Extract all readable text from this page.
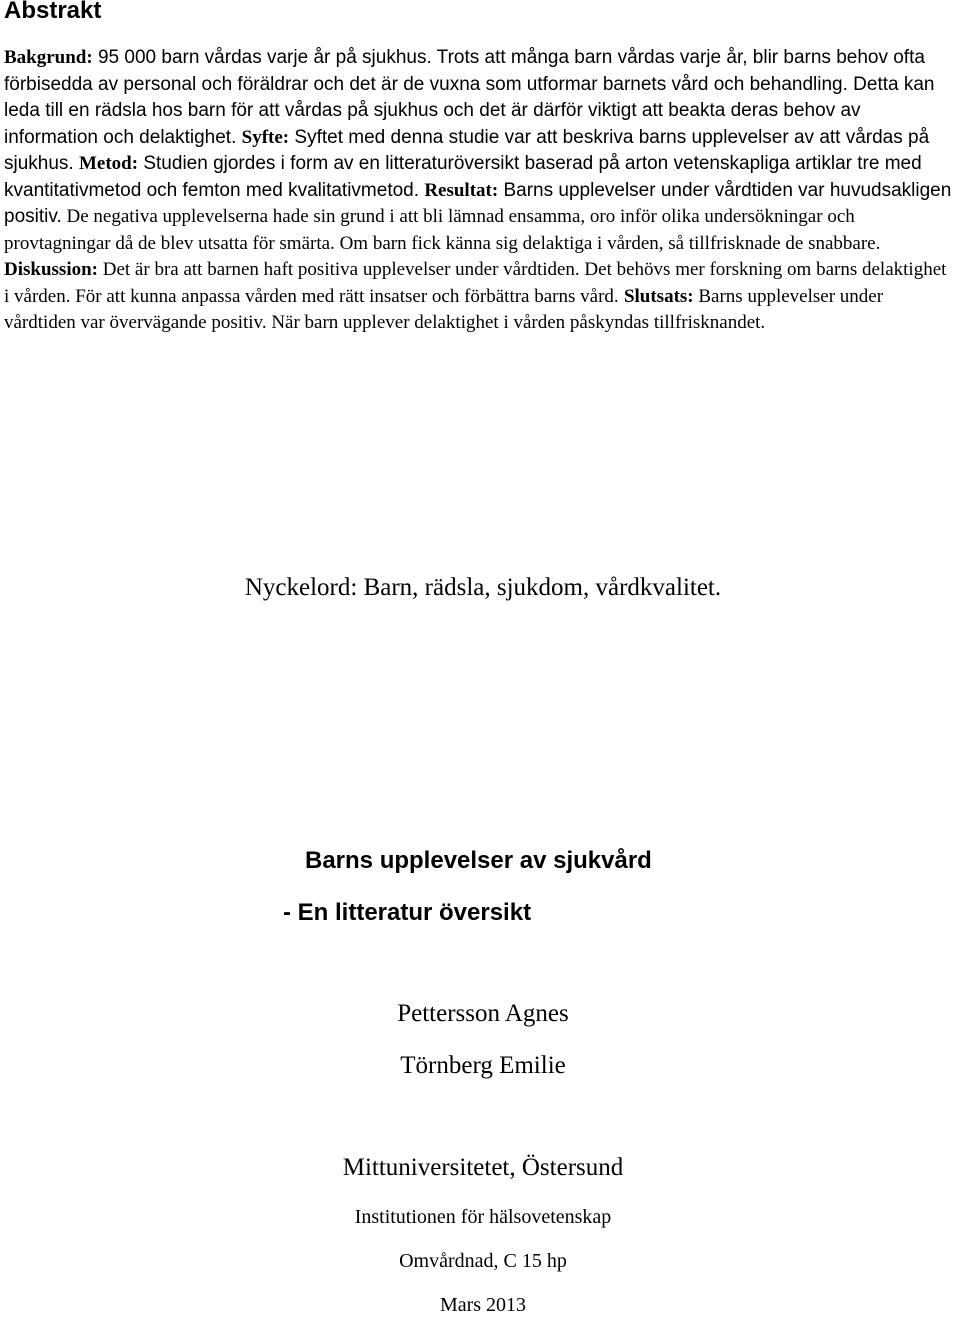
Abstrakt

Bakgrund: 95 000 barn vårdas varje år på sjukhus. Trots att många barn vårdas varje år, blir barns behov ofta förbisedda av personal och föräldrar och det är de vuxna som utformar barnets vård och behandling. Detta kan leda till en rädsla hos barn för att vårdas på sjukhus och det är därför viktigt att beakta deras behov av information och delaktighet. Syfte: Syftet med denna studie var att beskriva barns upplevelser av att vårdas på sjukhus. Metod: Studien gjordes i form av en litteraturöversikt baserad på arton vetenskapliga artiklar tre med kvantitativmetod och femton med kvalitativmetod. Resultat: Barns upplevelser under vårdtiden var huvudsakligen positiv. De negativa upplevelserna hade sin grund i att bli lämnad ensamma, oro inför olika undersökningar och provtagningar då de blev utsatta för smärta. Om barn fick känna sig delaktiga i vården, så tillfrisknade de snabbare. Diskussion: Det är bra att barnen haft positiva upplevelser under vårdtiden. Det behövs mer forskning om barns delaktighet i vården. För att kunna anpassa vården med rätt insatser och förbättra barns vård. Slutsats: Barns upplevelser under vårdtiden var övervägande positiv. När barn upplever delaktighet i vården påskyndas tillfrisknandet.

Nyckelord: Barn, rädsla, sjukdom, vårdkvalitet.

Barns upplevelser av sjukvård
- En litteratur översikt
Pettersson Agnes
Törnberg Emilie
Mittuniversitetet, Östersund
Institutionen för hälsovetenskap
Omvårdnad, C 15 hp
Mars 2013
